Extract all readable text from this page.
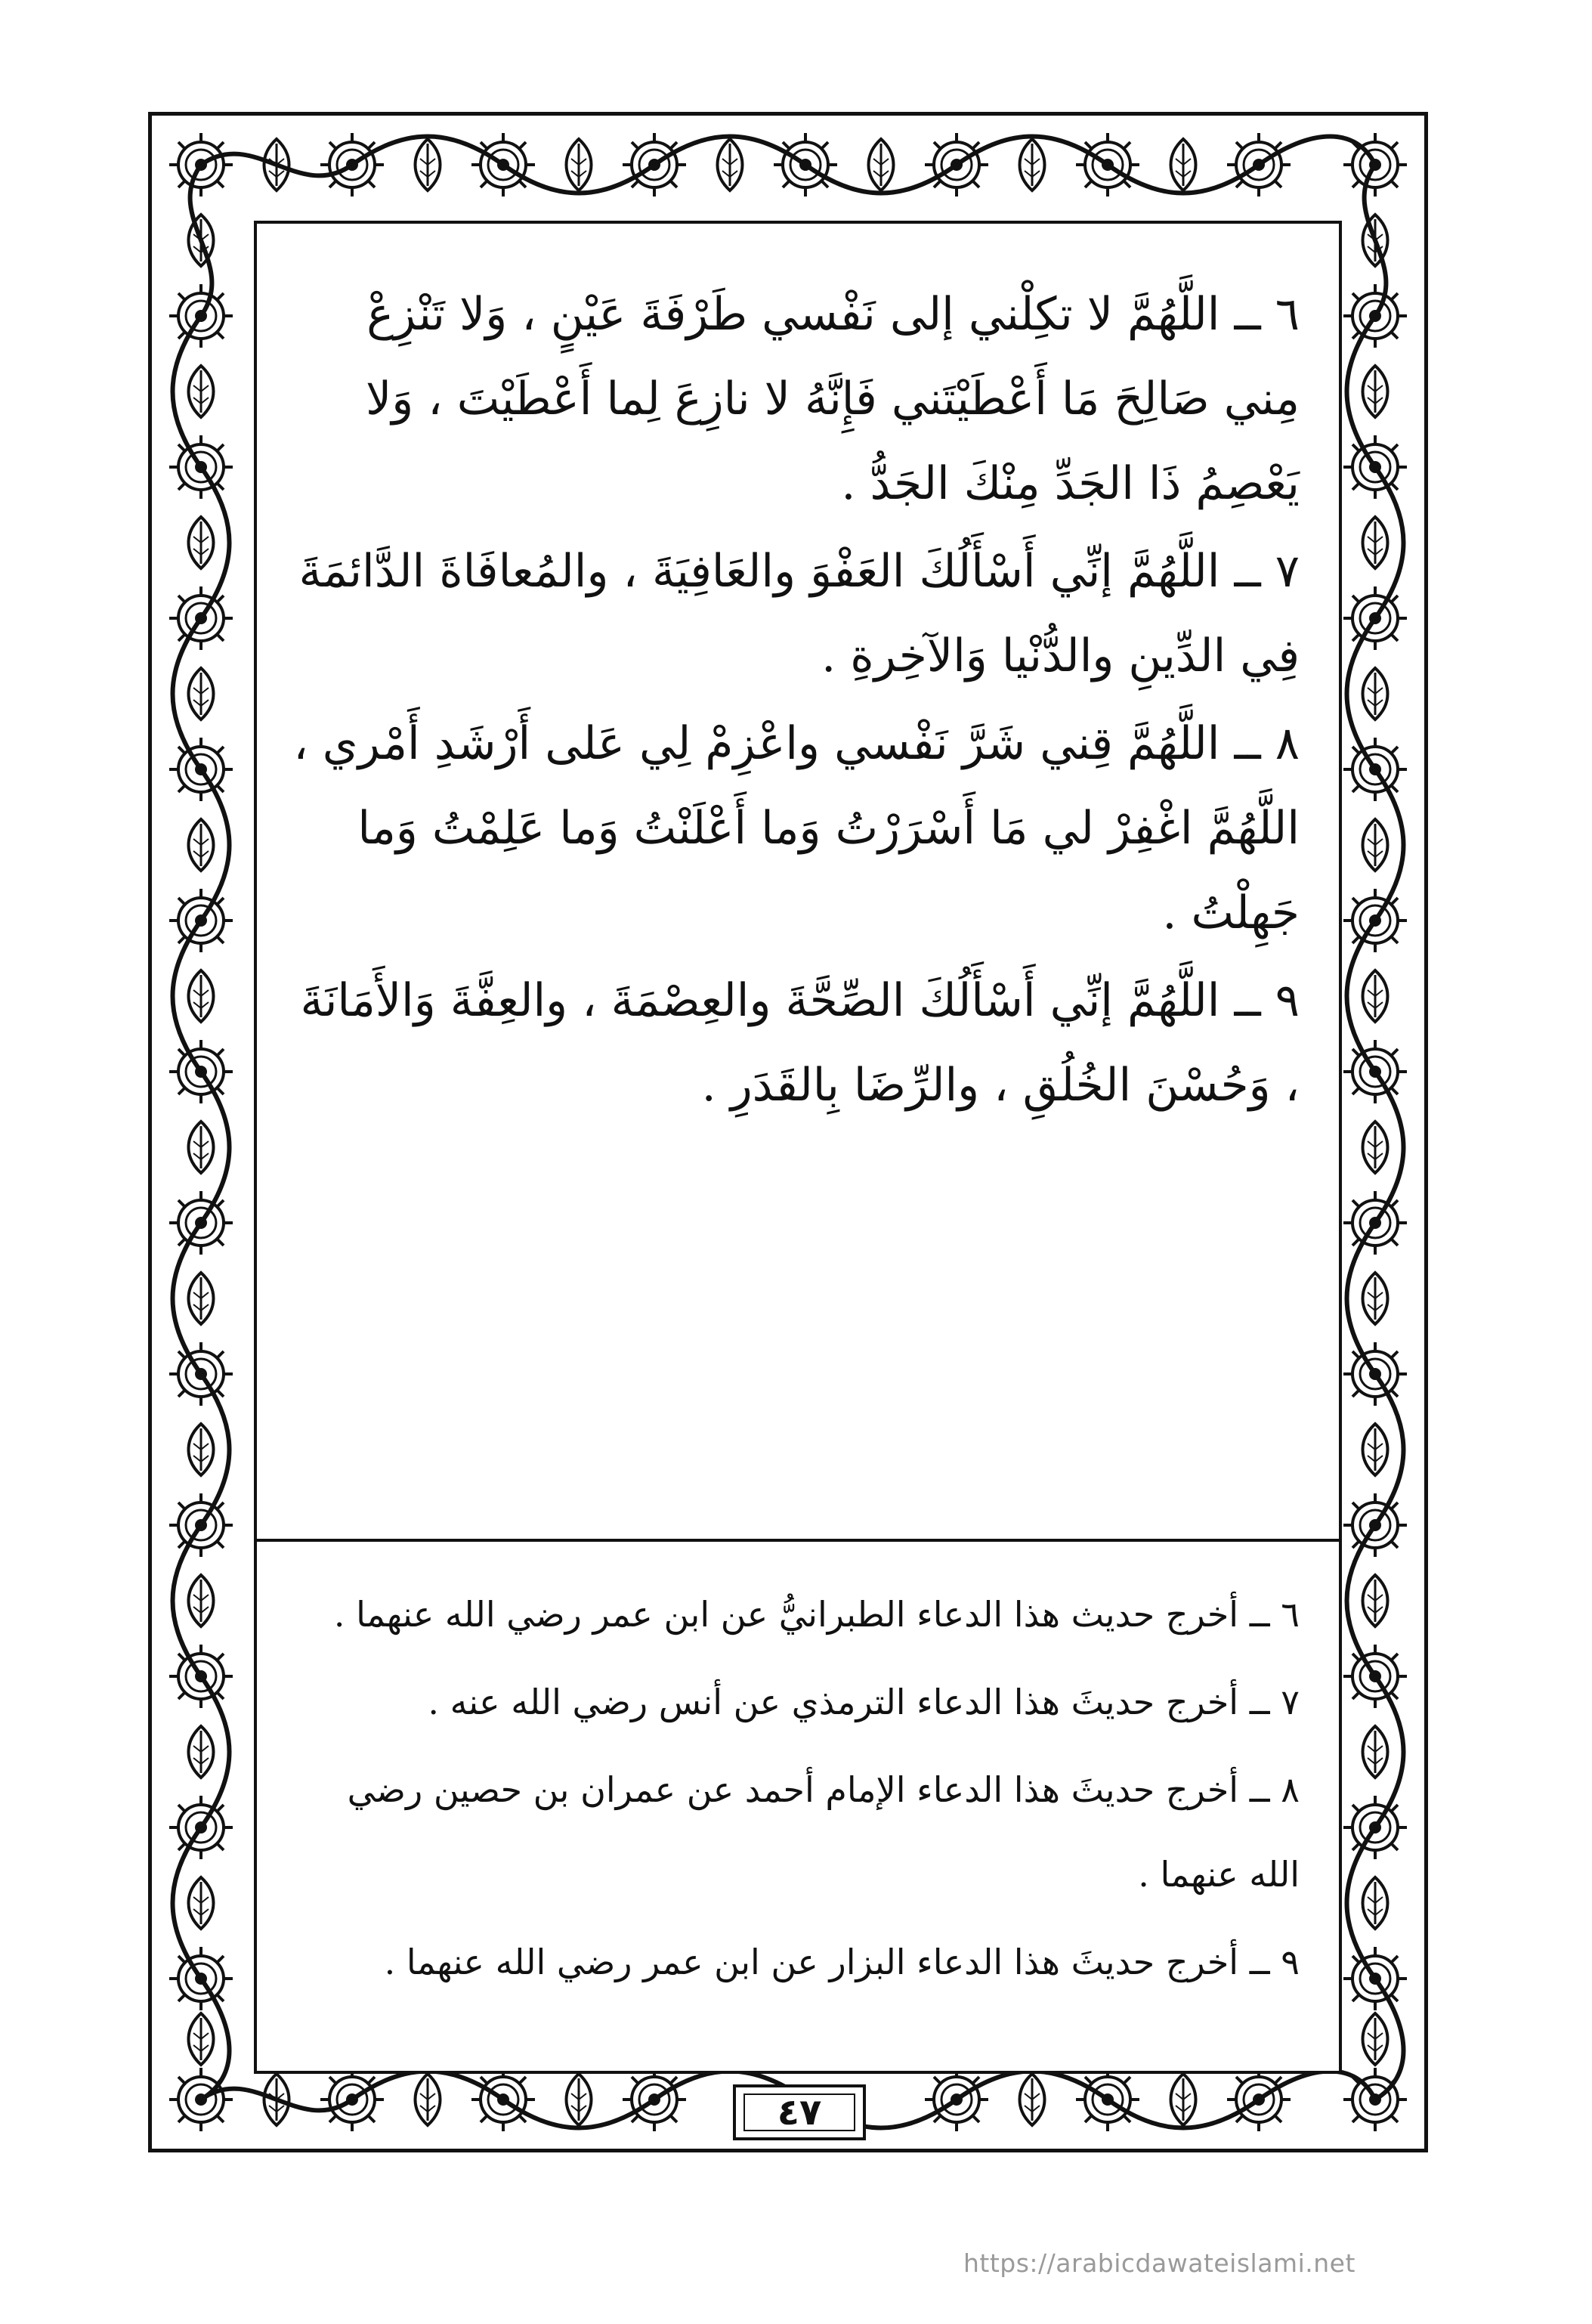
٦ ــ اللَّهُمَّ لا تكِلْني إلى نَفْسي طَرْفَةَ عَيْنٍ ، وَلا تَنْزِعْ مِني صَالِحَ مَا أَعْطَيْتَني فَإِنَّهُ لا نازِعَ لِما أَعْطَيْتَ ، وَلا يَعْصِمُ ذَا الجَدِّ مِنْكَ الجَدُّ .

٧ ــ اللَّهُمَّ إنِّي أَسْأَلُكَ العَفْوَ والعَافِيَةَ ، والمُعافَاةَ الدَّائمَةَ فِي الدِّينِ والدُّنْيا وَالآخِرةِ .

٨ ــ اللَّهُمَّ قِني شَرَّ نَفْسي واعْزِمْ لِي عَلى أَرْشَدِ أَمْري ، اللَّهُمَّ اغْفِرْ لي مَا أَسْرَرْتُ وَما أَعْلَنْتُ وَما عَلِمْتُ وَما جَهِلْتُ .

٩ ــ اللَّهُمَّ إنِّي أَسْأَلُكَ الصِّحَّةَ والعِصْمَةَ ، والعِفَّةَ وَالأَمَانَةَ ، وَحُسْنَ الخُلُقِ ، والرِّضَا بِالقَدَرِ .

٦ ــ أخرج حديث هذا الدعاء الطبرانيُّ عن ابن عمر رضي الله عنهما .

٧ ــ أخرج حديثَ هذا الدعاء الترمذي عن أنس رضي الله عنه .

٨ ــ أخرج حديثَ هذا الدعاء الإمام أحمد عن عمران بن حصين رضي الله عنهما .

٩ ــ أخرج حديثَ هذا الدعاء البزار عن ابن عمر رضي الله عنهما .

٤٧
https://arabicdawateislami.net
